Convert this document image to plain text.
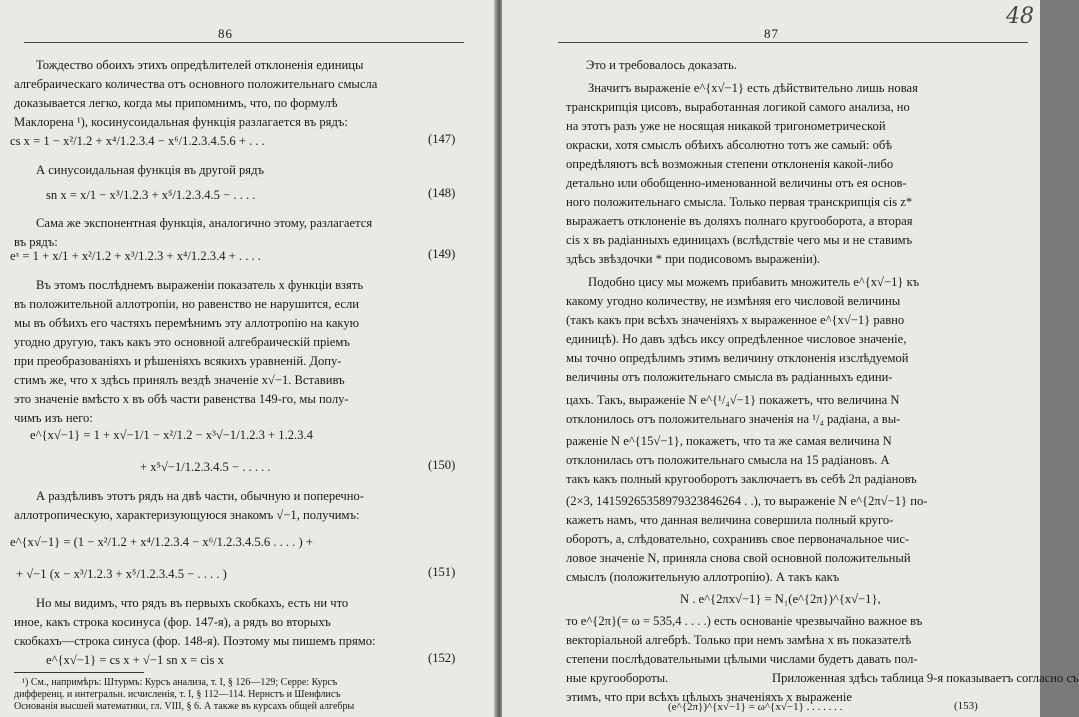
86
Тождество обоихъ этихъ опредѣлителей отклоненія единицы
алгебраическаго количества отъ основного положительнаго смысла
доказывается легко, когда мы припомнимъ, что, по формулѣ
Маклорена ¹), косинусоидальная функція разлагается въ рядъ:
cs x = 1 − x²/1.2 + x⁴/1.2.3.4 − x⁶/1.2.3.4.5.6 + . . .	(147)
А синусоидальная функція въ другой рядъ
sn x = x/1 − x³/1.2.3 + x⁵/1.2.3.4.5 − . . . .	(148)
Сама же экспонентная функція, аналогично этому, разлагается
въ рядъ:
eˣ = 1 + x/1 + x²/1.2 + x³/1.2.3 + x⁴/1.2.3.4 + . . . .	(149)
Въ этомъ послѣднемъ выраженіи показатель x функціи взять
въ положительной аллотропіи, но равенство не нарушится, если
мы въ обѣихъ его частяхъ перемѣнимъ эту аллотропію на какую
угодно другую, такъ какъ это основной алгебраическій пріемъ
при преобразованіяхъ и рѣшеніяхъ всякихъ уравненій. Допу-
стимъ же, что x здѣсь принялъ вездѣ значеніе x√−1. Вставивъ
это значеніе вмѣсто x въ обѣ части равенства 149-го, мы полу-
чимъ изъ него:
e^{x√−1} = 1 + x√−1/1 − x²/1.2 − x³√−1/1.2.3 + 1.2.3.4
+ x⁵√−1/1.2.3.4.5 − . . . . .	(150)
А раздѣливъ этотъ рядъ на двѣ части, обычную и поперечно-
аллотропическую, характеризующуюся знакомъ √−1, получимъ:
e^{x√−1} = (1 − x²/1.2 + x⁴/1.2.3.4 − x⁶/1.2.3.4.5.6 . . . . ) +
+ √−1 (x − x³/1.2.3 + x⁵/1.2.3.4.5 − . . . . )	(151)
Но мы видимъ, что рядъ въ первыхъ скобкахъ, есть ни что
иное, какъ строка косинуса (фор. 147-я), а рядъ во вторыхъ
скобкахъ—строка синуса (фор. 148-я). Поэтому мы пишемъ прямо:
e^{x√−1} = cs x + √−1 sn x = cis x	(152)
¹) См., напримѣръ: Штурмъ: Курсъ анализа, т. I, § 126—129; Серре: Курсъ
дифференц. и интегральн. исчисленія, т. I, § 112—114. Нернстъ и Шенфлисъ
Основанія высшей математики, гл. VIII, § 6. А также въ курсахъ общей алгебры
87
48
Это и требовалось доказать.
Значитъ выраженіе e^{x√−1} есть дѣйствительно лишь новая
транскрипція цисовъ, выработанная логикой самого анализа, но
на этотъ разъ уже не носящая никакой тригонометрической
окраски, хотя смыслъ обѣихъ абсолютно тотъ же самый: обѣ
опредѣляютъ всѣ возможныя степени отклоненія какой-либо
детально или обобщенно-именованной величины отъ ея основ-
ного положительнаго смысла. Только первая транскрипція cis z*
выражаетъ отклоненіе въ доляхъ полнаго кругооборота, а вторая
cis x въ радіанныхъ единицахъ (вслѣдствіе чего мы и не ставимъ
здѣсь звѣздочки * при подисовомъ выраженіи).
Подобно цису мы можемъ прибавить множитель e^{x√−1} къ
какому угодно количеству, не измѣняя его числовой величины
(такъ какъ при всѣхъ значеніяхъ x выраженное e^{x√−1} равно
единицѣ). Но давъ здѣсь иксу опредѣленное числовое значеніе,
мы точно опредѣлимъ этимъ величину отклоненія изслѣдуемой
величины отъ положительнаго смысла въ радіанныхъ едини-
цахъ. Такъ, выраженіе N e^{¹/₄√−1} покажетъ, что величина N
отклонилось отъ положительнаго значенія на ¹/₄ радіана, а вы-
раженіе N e^{15√−1}, покажетъ, что та же самая величина N
отклонилась отъ положительнаго смысла на 15 радіановъ. А
такъ какъ полный кругооборотъ заключаетъ въ себѣ 2π радіановъ
(2×3, 14159265358979323846264 . .), то выраженіе N e^{2π√−1} по-
кажетъ намъ, что данная величина совершила полный круго-
оборотъ, а, слѣдовательно, сохранивъ свое первоначальное чис-
ловое значеніе N, приняла снова свой основной положительный
смыслъ (положительную аллотропію). А такъ какъ
N . e^{2πx√−1} = N₁(e^{2π})^{x√−1},
то e^{2π}(= ω = 535,4 . . . .) есть основаніе чрезвычайно важное въ
векторіальной алгебрѣ. Только при немъ замѣна x въ показателѣ
степени послѣдовательными цѣлыми числами будетъ давать пол-
ные кругообороты.	Приложенная здѣсь таблица 9-я показываетъ согласно съ
этимъ, что при всѣхъ цѣлыхъ значеніяхъ x выраженіе
(e^{2π})^{x√−1} = ω^{x√−1} . . . . . . .	(153)
